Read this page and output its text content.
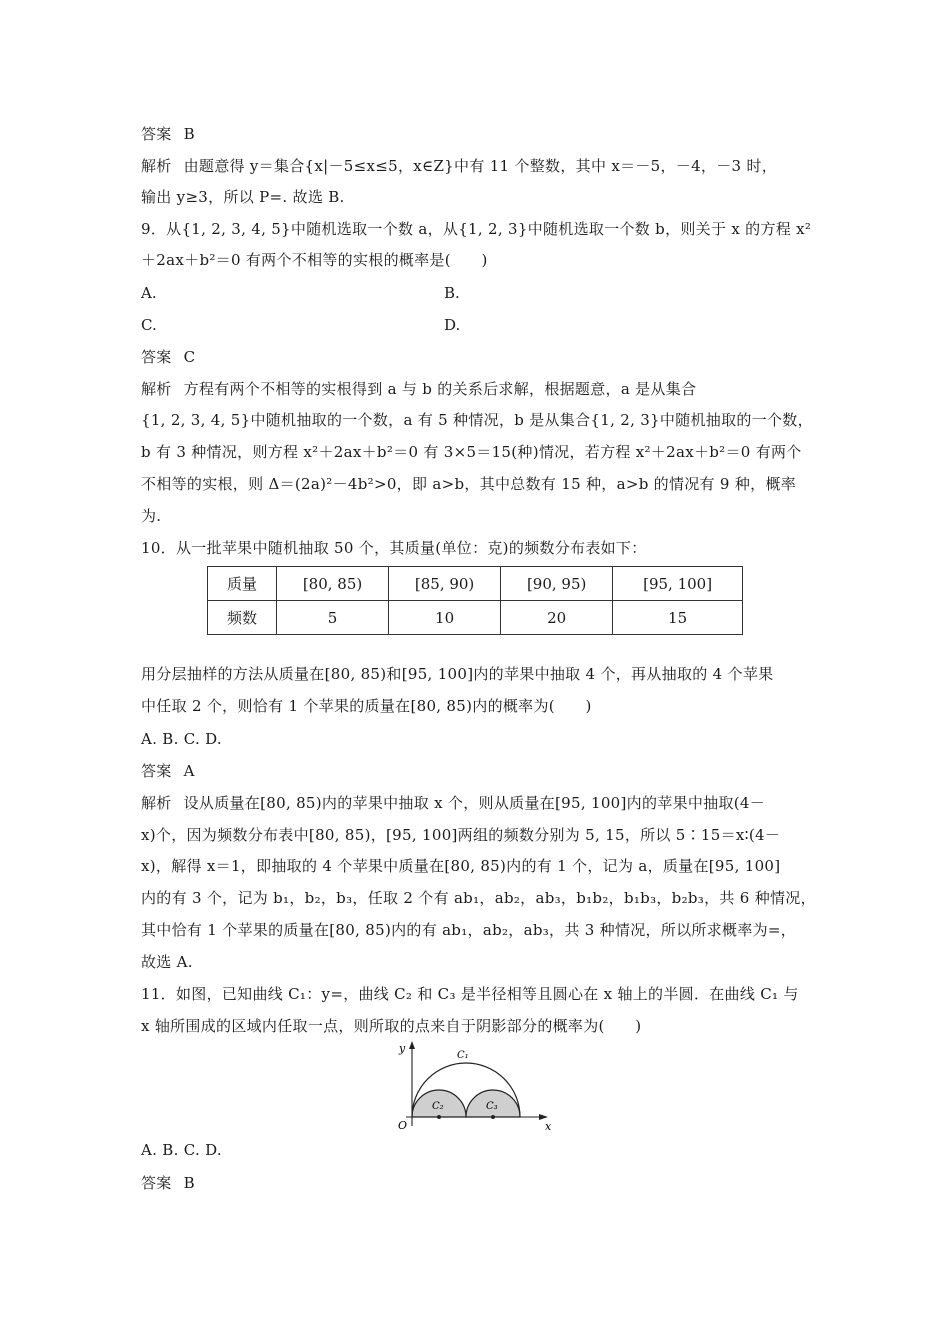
答案 B
解析 由题意得 y＝集合{x|－5≤x≤5，x∈Z}中有 11 个整数，其中 x＝－5，－4，－3 时，
输出 y≥3，所以 P=. 故选 B.
9．从{1, 2, 3, 4, 5}中随机选取一个数 a，从{1, 2, 3}中随机选取一个数 b，则关于 x 的方程 x²
＋2ax＋b²＝0 有两个不相等的实根的概率是(　　)
A.	B.
C.	D.
答案 C
解析 方程有两个不相等的实根得到 a 与 b 的关系后求解，根据题意，a 是从集合
{1, 2, 3, 4, 5}中随机抽取的一个数，a 有 5 种情况，b 是从集合{1, 2, 3}中随机抽取的一个数，
b 有 3 种情况，则方程 x²＋2ax＋b²＝0 有 3×5＝15(种)情况，若方程 x²＋2ax＋b²＝0 有两个
不相等的实根，则 Δ＝(2a)²－4b²>0，即 a>b，其中总数有 15 种，a>b 的情况有 9 种，概率
为.
10．从一批苹果中随机抽取 50 个，其质量(单位：克)的频数分布表如下：
质量	[80, 85)	[85, 90)	[90, 95)	[95, 100]
频数	5	10	20	15
用分层抽样的方法从质量在[80, 85)和[95, 100]内的苹果中抽取 4 个，再从抽取的 4 个苹果
中任取 2 个，则恰有 1 个苹果的质量在[80, 85)内的概率为(　　)
A. B. C. D.
答案 A
解析 设从质量在[80, 85)内的苹果中抽取 x 个，则从质量在[95, 100]内的苹果中抽取(4－
x)个，因为频数分布表中[80, 85)，[95, 100]两组的频数分别为 5, 15，所以 5∶15＝x∶(4－
x)，解得 x＝1，即抽取的 4 个苹果中质量在[80, 85)内的有 1 个，记为 a，质量在[95, 100]
内的有 3 个，记为 b₁，b₂，b₃，任取 2 个有 ab₁，ab₂，ab₃，b₁b₂，b₁b₃，b₂b₃，共 6 种情况，
其中恰有 1 个苹果的质量在[80, 85)内的有 ab₁，ab₂，ab₃，共 3 种情况，所以所求概率为=，
故选 A.
11．如图，已知曲线 C₁：y=，曲线 C₂ 和 C₃ 是半径相等且圆心在 x 轴上的半圆．在曲线 C₁ 与
x 轴所围成的区域内任取一点，则所取的点来自于阴影部分的概率为(　　)
y
x
O
C₁
C₂	C₃
A. B. C. D.
答案 B
